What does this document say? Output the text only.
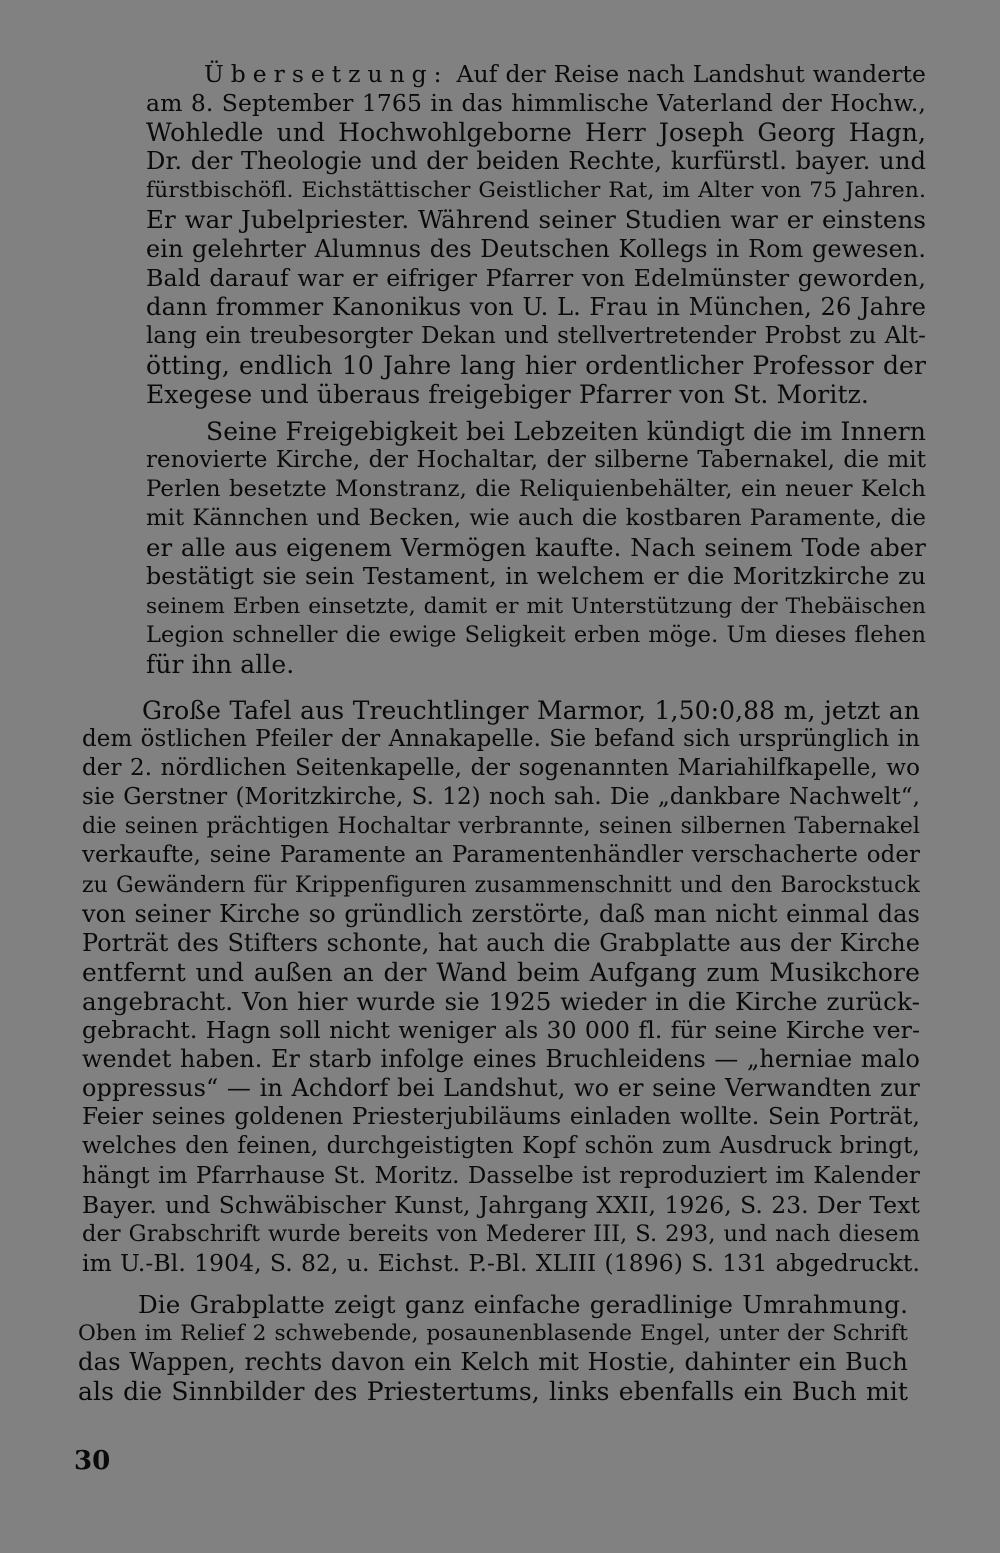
Übersetzung: Auf der Reise nach Landshut wanderte
am 8. September 1765 in das himmlische Vaterland der Hochw.,
Wohledle und Hochwohlgeborne Herr Joseph Georg Hagn,
Dr. der Theologie und der beiden Rechte, kurfürstl. bayer. und
fürstbischöfl. Eichstättischer Geistlicher Rat, im Alter von 75 Jahren.
Er war Jubelpriester. Während seiner Studien war er einstens
ein gelehrter Alumnus des Deutschen Kollegs in Rom gewesen.
Bald darauf war er eifriger Pfarrer von Edelmünster geworden,
dann frommer Kanonikus von U. L. Frau in München, 26 Jahre
lang ein treubesorgter Dekan und stellvertretender Probst zu Alt-
ötting, endlich 10 Jahre lang hier ordentlicher Professor der
Exegese und überaus freigebiger Pfarrer von St. Moritz.
Seine Freigebigkeit bei Lebzeiten kündigt die im Innern
renovierte Kirche, der Hochaltar, der silberne Tabernakel, die mit
Perlen besetzte Monstranz, die Reliquienbehälter, ein neuer Kelch
mit Kännchen und Becken, wie auch die kostbaren Paramente, die
er alle aus eigenem Vermögen kaufte. Nach seinem Tode aber
bestätigt sie sein Testament, in welchem er die Moritzkirche zu
seinem Erben einsetzte, damit er mit Unterstützung der Thebäischen
Legion schneller die ewige Seligkeit erben möge. Um dieses flehen
für ihn alle.
Große Tafel aus Treuchtlinger Marmor, 1,50:0,88 m, jetzt an
dem östlichen Pfeiler der Annakapelle. Sie befand sich ursprünglich in
der 2. nördlichen Seitenkapelle, der sogenannten Mariahilfkapelle, wo
sie Gerstner (Moritzkirche, S. 12) noch sah. Die „dankbare Nachwelt“,
die seinen prächtigen Hochaltar verbrannte, seinen silbernen Tabernakel
verkaufte, seine Paramente an Paramentenhändler verschacherte oder
zu Gewändern für Krippenfiguren zusammenschnitt und den Barockstuck
von seiner Kirche so gründlich zerstörte, daß man nicht einmal das
Porträt des Stifters schonte, hat auch die Grabplatte aus der Kirche
entfernt und außen an der Wand beim Aufgang zum Musikchore
angebracht. Von hier wurde sie 1925 wieder in die Kirche zurück-
gebracht. Hagn soll nicht weniger als 30 000 fl. für seine Kirche ver-
wendet haben. Er starb infolge eines Bruchleidens — „herniae malo
oppressus“ — in Achdorf bei Landshut, wo er seine Verwandten zur
Feier seines goldenen Priesterjubiläums einladen wollte. Sein Porträt,
welches den feinen, durchgeistigten Kopf schön zum Ausdruck bringt,
hängt im Pfarrhause St. Moritz. Dasselbe ist reproduziert im Kalender
Bayer. und Schwäbischer Kunst, Jahrgang XXII, 1926, S. 23. Der Text
der Grabschrift wurde bereits von Mederer III, S. 293, und nach diesem
im U.-Bl. 1904, S. 82, u. Eichst. P.-Bl. XLIII (1896) S. 131 abgedruckt.
Die Grabplatte zeigt ganz einfache geradlinige Umrahmung.
Oben im Relief 2 schwebende, posaunenblasende Engel, unter der Schrift
das Wappen, rechts davon ein Kelch mit Hostie, dahinter ein Buch
als die Sinnbilder des Priestertums, links ebenfalls ein Buch mit
30
